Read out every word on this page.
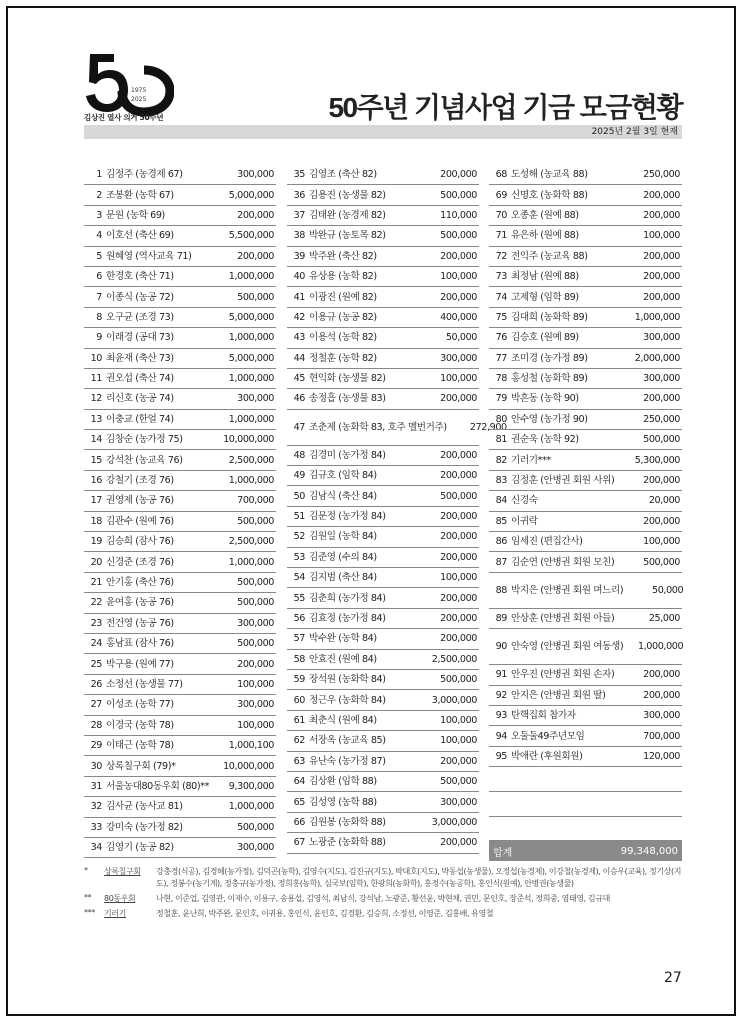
1975
2025
김상진 열사 의거 50주년	50주년 기념사업 기금 모금현황
2025년 2월 3일 현재
1 김정주 (농경제 67)	300,000
2 조봉환 (농학 67)	5,000,000
3 문원 (농학 69)	200,000
4 이호선 (축산 69)	5,500,000
5 원혜영 (역사교육 71)	200,000
6 한경호 (축산 71)	1,000,000
7 이종식 (농공 72)	500,000
8 오구균 (조경 73)	5,000,000
9 이래경 (공대 73)	1,000,000
10 최윤재 (축산 73)	5,000,000
11 권오섭 (축산 74)	1,000,000
12 리신호 (농공 74)	300,000
13 이충교 (한얼 74)	1,000,000
14 김창순 (농가정 75)	10,000,000
15 강석찬 (농교육 76)	2,500,000
16 강철기 (조경 76)	1,000,000
17 권영제 (농공 76)	700,000
18 김관수 (원예 76)	500,000
19 김승희 (잠사 76)	2,500,000
20 신경준 (조경 76)	1,000,000
21 안기홍 (축산 76)	500,000
22 윤여홍 (농공 76)	500,000
23 전건영 (농공 76)	300,000
24 홍남표 (잠사 76)	500,000
25 박구용 (원예 77)	200,000
26 소정선 (농생물 77)	100,000
27 이성조 (농학 77)	300,000
28 이경국 (농학 78)	100,000
29 이태근 (농학 78)	1,000,100
30 상록칠구회 (79)*	10,000,000
31 서울농대80동우회 (80)**	9,300,000
32 김사균 (농사교 81)	1,000,000
33 강미숙 (농가정 82)	500,000
34 김영기 (농공 82)	300,000
35 김영조 (축산 82)	200,000
36 김용진 (농생물 82)	500,000
37 김태완 (농경제 82)	110,000
38 박완규 (농토목 82)	500,000
39 박주완 (축산 82)	200,000
40 유상용 (농학 82)	100,000
41 이광진 (원예 82)	200,000
42 이용규 (농공 82)	400,000
43 이용석 (농학 82)	50,000
44 정철훈 (농학 82)	300,000
45 현익화 (농생물 82)	100,000
46 송정흡 (농생물 83)	200,000
47 조춘제 (농화학 83, 호주 멜번거주)	272,900
48 김경미 (농가정 84)	200,000
49 김규호 (임학 84)	200,000
50 김남식 (축산 84)	500,000
51 김문정 (농가정 84)	200,000
52 김원일 (농학 84)	200,000
53 김준영 (수의 84)	200,000
54 김지범 (축산 84)	100,000
55 김춘희 (농가정 84)	200,000
56 김효정 (농가정 84)	200,000
57 박수완 (농학 84)	200,000
58 안효진 (원예 84)	2,500,000
59 장석원 (농화학 84)	500,000
60 정근우 (농화학 84)	3,000,000
61 최춘식 (원예 84)	100,000
62 서장옥 (농교육 85)	100,000
63 유난숙 (농가정 87)	200,000
64 김상환 (임학 88)	500,000
65 김성영 (농학 88)	300,000
66 김원봉 (농화학 88)	3,000,000
67 노광준 (농화학 88)	200,000
68 도성해 (농교육 88)	250,000
69 신명호 (농화학 88)	200,000
70 오종훈 (원예 88)	200,000
71 유은하 (원예 88)	100,000
72 전익주 (농교육 88)	200,000
73 최정남 (원예 88)	200,000
74 고제형 (임학 89)	200,000
75 김대희 (농화학 89)	1,000,000
76 김승호 (원예 89)	300,000
77 조미경 (농가정 89)	2,000,000
78 홍성철 (농화학 89)	300,000
79 박흔동 (농학 90)	200,000
80 안수영 (농가정 90)	250,000
81 권순욱 (농학 92)	500,000
82 기러기***	5,300,000
83 김정훈 (안병권 회원 사위)	200,000
84 신경숙	20,000
85 이귀락	200,000
86 임세진 (편집간사)	100,000
87 김순연 (안병권 회원 모친)	500,000
88 박지은 (안병권 회원 며느리)	50,000
89 안상훈 (안병권 회원 아들)	25,000
90 안숙영 (안병권 회원 여동생)	1,000,000
91 안우진 (안병권 회원 손자)	200,000
92 안지은 (안병권 회원 딸)	200,000
93 탄핵집회 참가자	300,000
94 오둘둘49주년모임	700,000
95 박애란 (후원회원)	120,000
합계	99,348,000
*	상록칠구회	강충경(식공), 김경혜(농가정), 김덕곤(농학), 김영수(지도), 김진규(지도), 박대호(지도), 박동섭(농생물), 오정섭(농경제), 이강철(농경제), 이승우(교육), 정기상(지도), 정봉수(농기계), 정충규(농가정), 정희홍(농학), 심국보(임학), 한광희(농화학), 홍정수(농공학), 홍인식(원예), 안병권(농생물)
**	80동우회	나현, 이준업, 김영관, 이재수, 이용구, 송용섭, 김영석, 최남식, 강석남, 노광준, 황선윤, 박현채, 권민, 문인호, 장준석, 정희중, 염태영, 김규대
***	기러기	정철훈, 윤난희, 박주완, 문인호, 이귀용, 홍인식, 윤인호, 김경환, 김승희, 소정선, 이영준, 김홍배, 유영철
27
